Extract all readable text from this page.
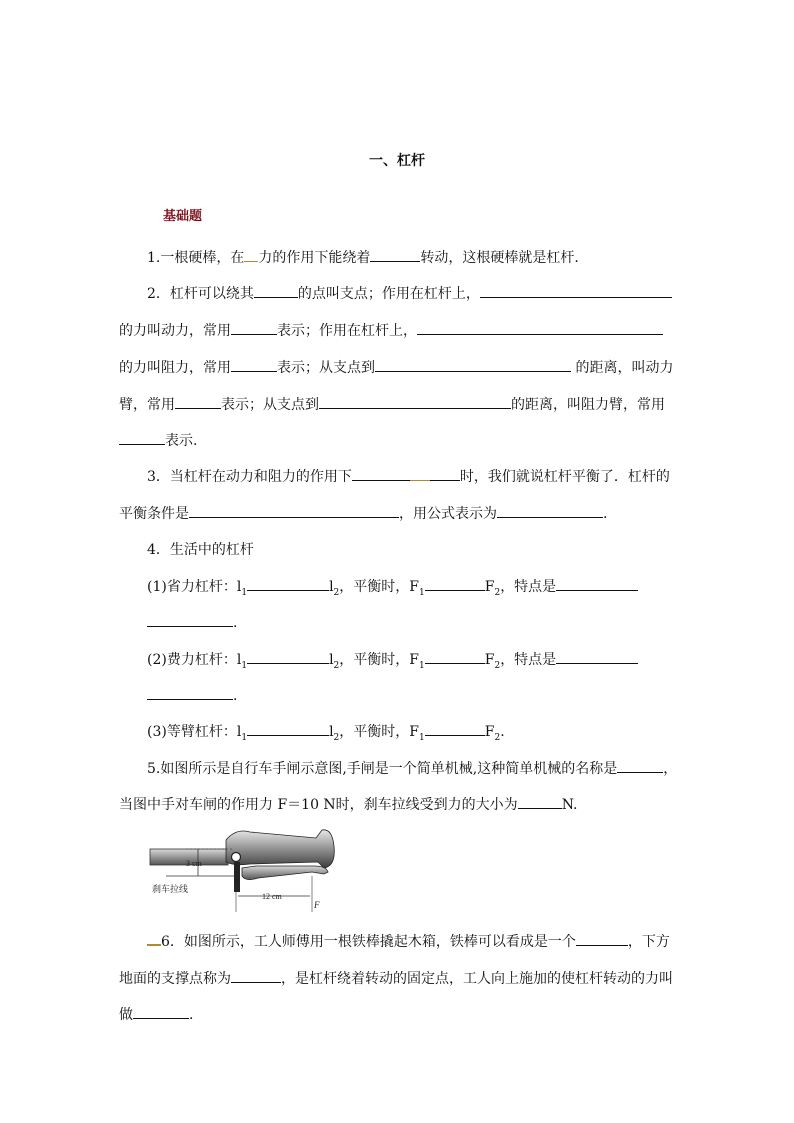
一、杠杆
基础题
1.一根硬棒，在 力的作用下能绕着	转动，这根硬棒就是杠杆.
2．杠杆可以绕其	的点叫支点；作用在杠杆上，
的力叫动力，常用	表示；作用在杠杆上，
的力叫阻力，常用	表示；从支点到	的距离，叫动力
臂，常用	表示；从支点到	的距离，叫阻力臂，常用
表示.
3．当杠杆在动力和阻力的作用下	时，我们就说杠杆平衡了．杠杆的
平衡条件是	，用公式表示为	.
4．生活中的杠杆
(1)省力杠杆：$l_1$	$l_2$，平衡时，$F_1$	$F_2$，特点是
.
(2)费力杠杆：$l_1$	$l_2$，平衡时，$F_1$	$F_2$，特点是
.
(3)等臂杠杆：$l_1$	$l_2$，平衡时，$F_1$	$F_2$.
5.如图所示是自行车手闸示意图,手闸是一个简单机械,这种简单机械的名称是	，
当图中手对车闸的作用力 F＝10 N时，刹车拉线受到力的大小为	N.
3 cm
刹车拉线
12 cm
F
6．如图所示，工人师傅用一根铁棒撬起木箱，铁棒可以看成是一个	，下方
地面的支撑点称为	，是杠杆绕着转动的固定点，工人向上施加的使杠杆转动的力叫
做	.
